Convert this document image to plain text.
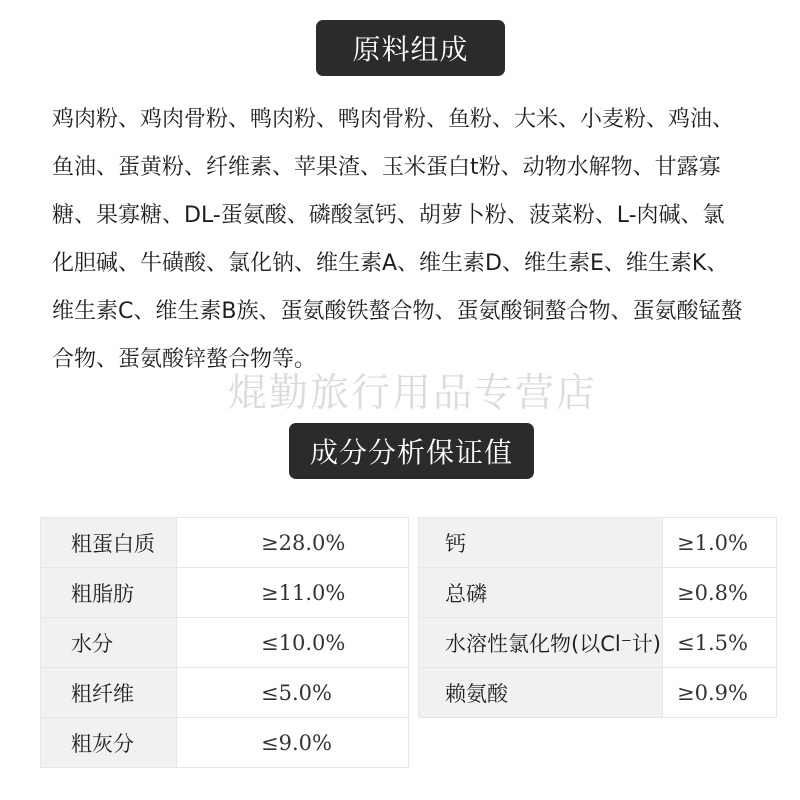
原料组成
鸡肉粉、鸡肉骨粉、鸭肉粉、鸭肉骨粉、鱼粉、大米、小麦粉、鸡油、
鱼油、蛋黄粉、纤维素、苹果渣、玉米蛋白t粉、动物水解物、甘露寡
糖、果寡糖、DL-蛋氨酸、磷酸氢钙、胡萝卜粉、菠菜粉、L-肉碱、氯
化胆碱、牛磺酸、氯化钠、维生素A、维生素D、维生素E、维生素K、
维生素C、维生素B族、蛋氨酸铁螯合物、蛋氨酸铜螯合物、蛋氨酸锰螯
合物、蛋氨酸锌螯合物等。
焜勤旅行用品专营店
成分分析保证值
粗蛋白质	≥28.0%
粗脂肪	≥11.0%
水分	≤10.0%
粗纤维	≤5.0%
粗灰分	≤9.0%
钙	≥1.0%
总磷	≥0.8%
水溶性氯化物(以Cl⁻计)	≤1.5%
赖氨酸	≥0.9%
